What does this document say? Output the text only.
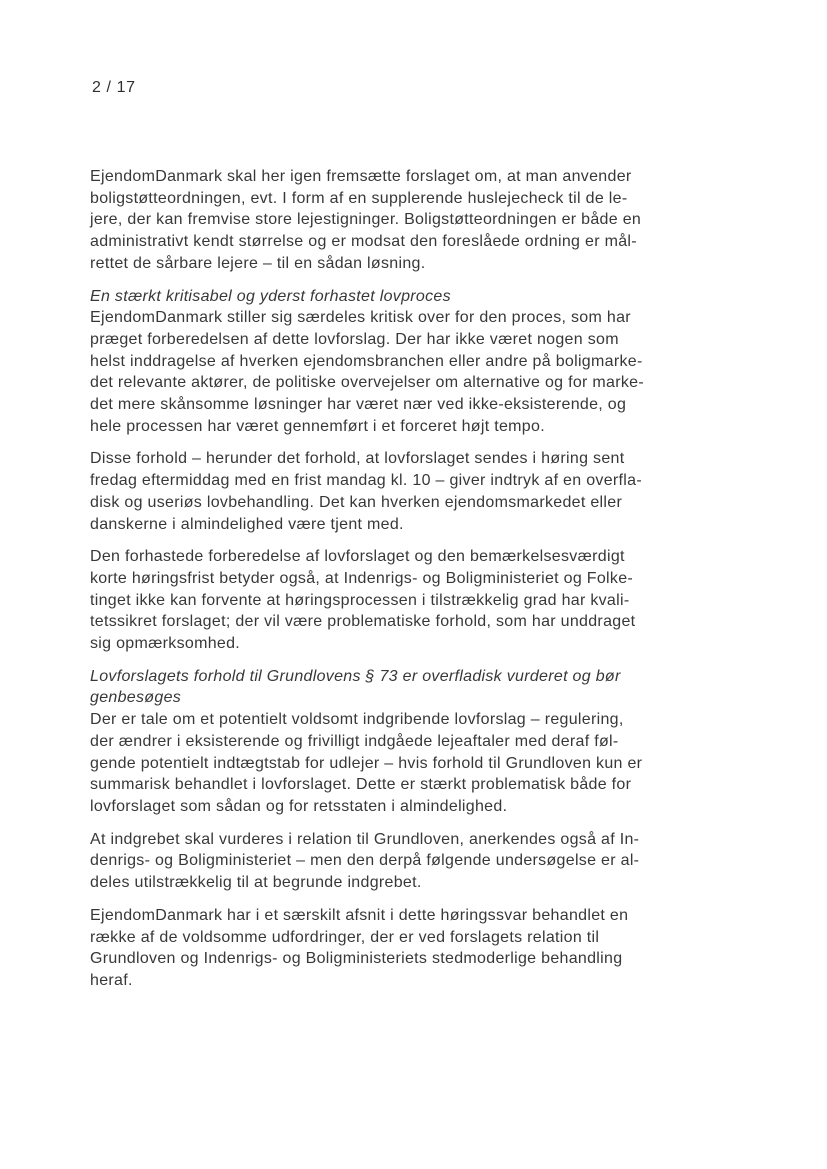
2 / 17
EjendomDanmark skal her igen fremsætte forslaget om, at man anvender
boligstøtteordningen, evt. I form af en supplerende huslejecheck til de le-
jere, der kan fremvise store lejestigninger. Boligstøtteordningen er både en
administrativt kendt størrelse og er modsat den foreslåede ordning er mål-
rettet de sårbare lejere – til en sådan løsning.
En stærkt kritisabel og yderst forhastet lovproces
EjendomDanmark stiller sig særdeles kritisk over for den proces, som har
præget forberedelsen af dette lovforslag. Der har ikke været nogen som
helst inddragelse af hverken ejendomsbranchen eller andre på boligmarke-
det relevante aktører, de politiske overvejelser om alternative og for marke-
det mere skånsomme løsninger har været nær ved ikke-eksisterende, og
hele processen har været gennemført i et forceret højt tempo.
Disse forhold – herunder det forhold, at lovforslaget sendes i høring sent
fredag eftermiddag med en frist mandag kl. 10 – giver indtryk af en overfla-
disk og useriøs lovbehandling. Det kan hverken ejendomsmarkedet eller
danskerne i almindelighed være tjent med.
Den forhastede forberedelse af lovforslaget og den bemærkelsesværdigt
korte høringsfrist betyder også, at Indenrigs- og Boligministeriet og Folke-
tinget ikke kan forvente at høringsprocessen i tilstrækkelig grad har kvali-
tetssikret forslaget; der vil være problematiske forhold, som har unddraget
sig opmærksomhed.
Lovforslagets forhold til Grundlovens § 73 er overfladisk vurderet og bør
genbesøges
Der er tale om et potentielt voldsomt indgribende lovforslag – regulering,
der ændrer i eksisterende og frivilligt indgåede lejeaftaler med deraf føl-
gende potentielt indtægtstab for udlejer – hvis forhold til Grundloven kun er
summarisk behandlet i lovforslaget. Dette er stærkt problematisk både for
lovforslaget som sådan og for retsstaten i almindelighed.
At indgrebet skal vurderes i relation til Grundloven, anerkendes også af In-
denrigs- og Boligministeriet – men den derpå følgende undersøgelse er al-
deles utilstrækkelig til at begrunde indgrebet.
EjendomDanmark har i et særskilt afsnit i dette høringssvar behandlet en
række af de voldsomme udfordringer, der er ved forslagets relation til
Grundloven og Indenrigs- og Boligministeriets stedmoderlige behandling
heraf.
